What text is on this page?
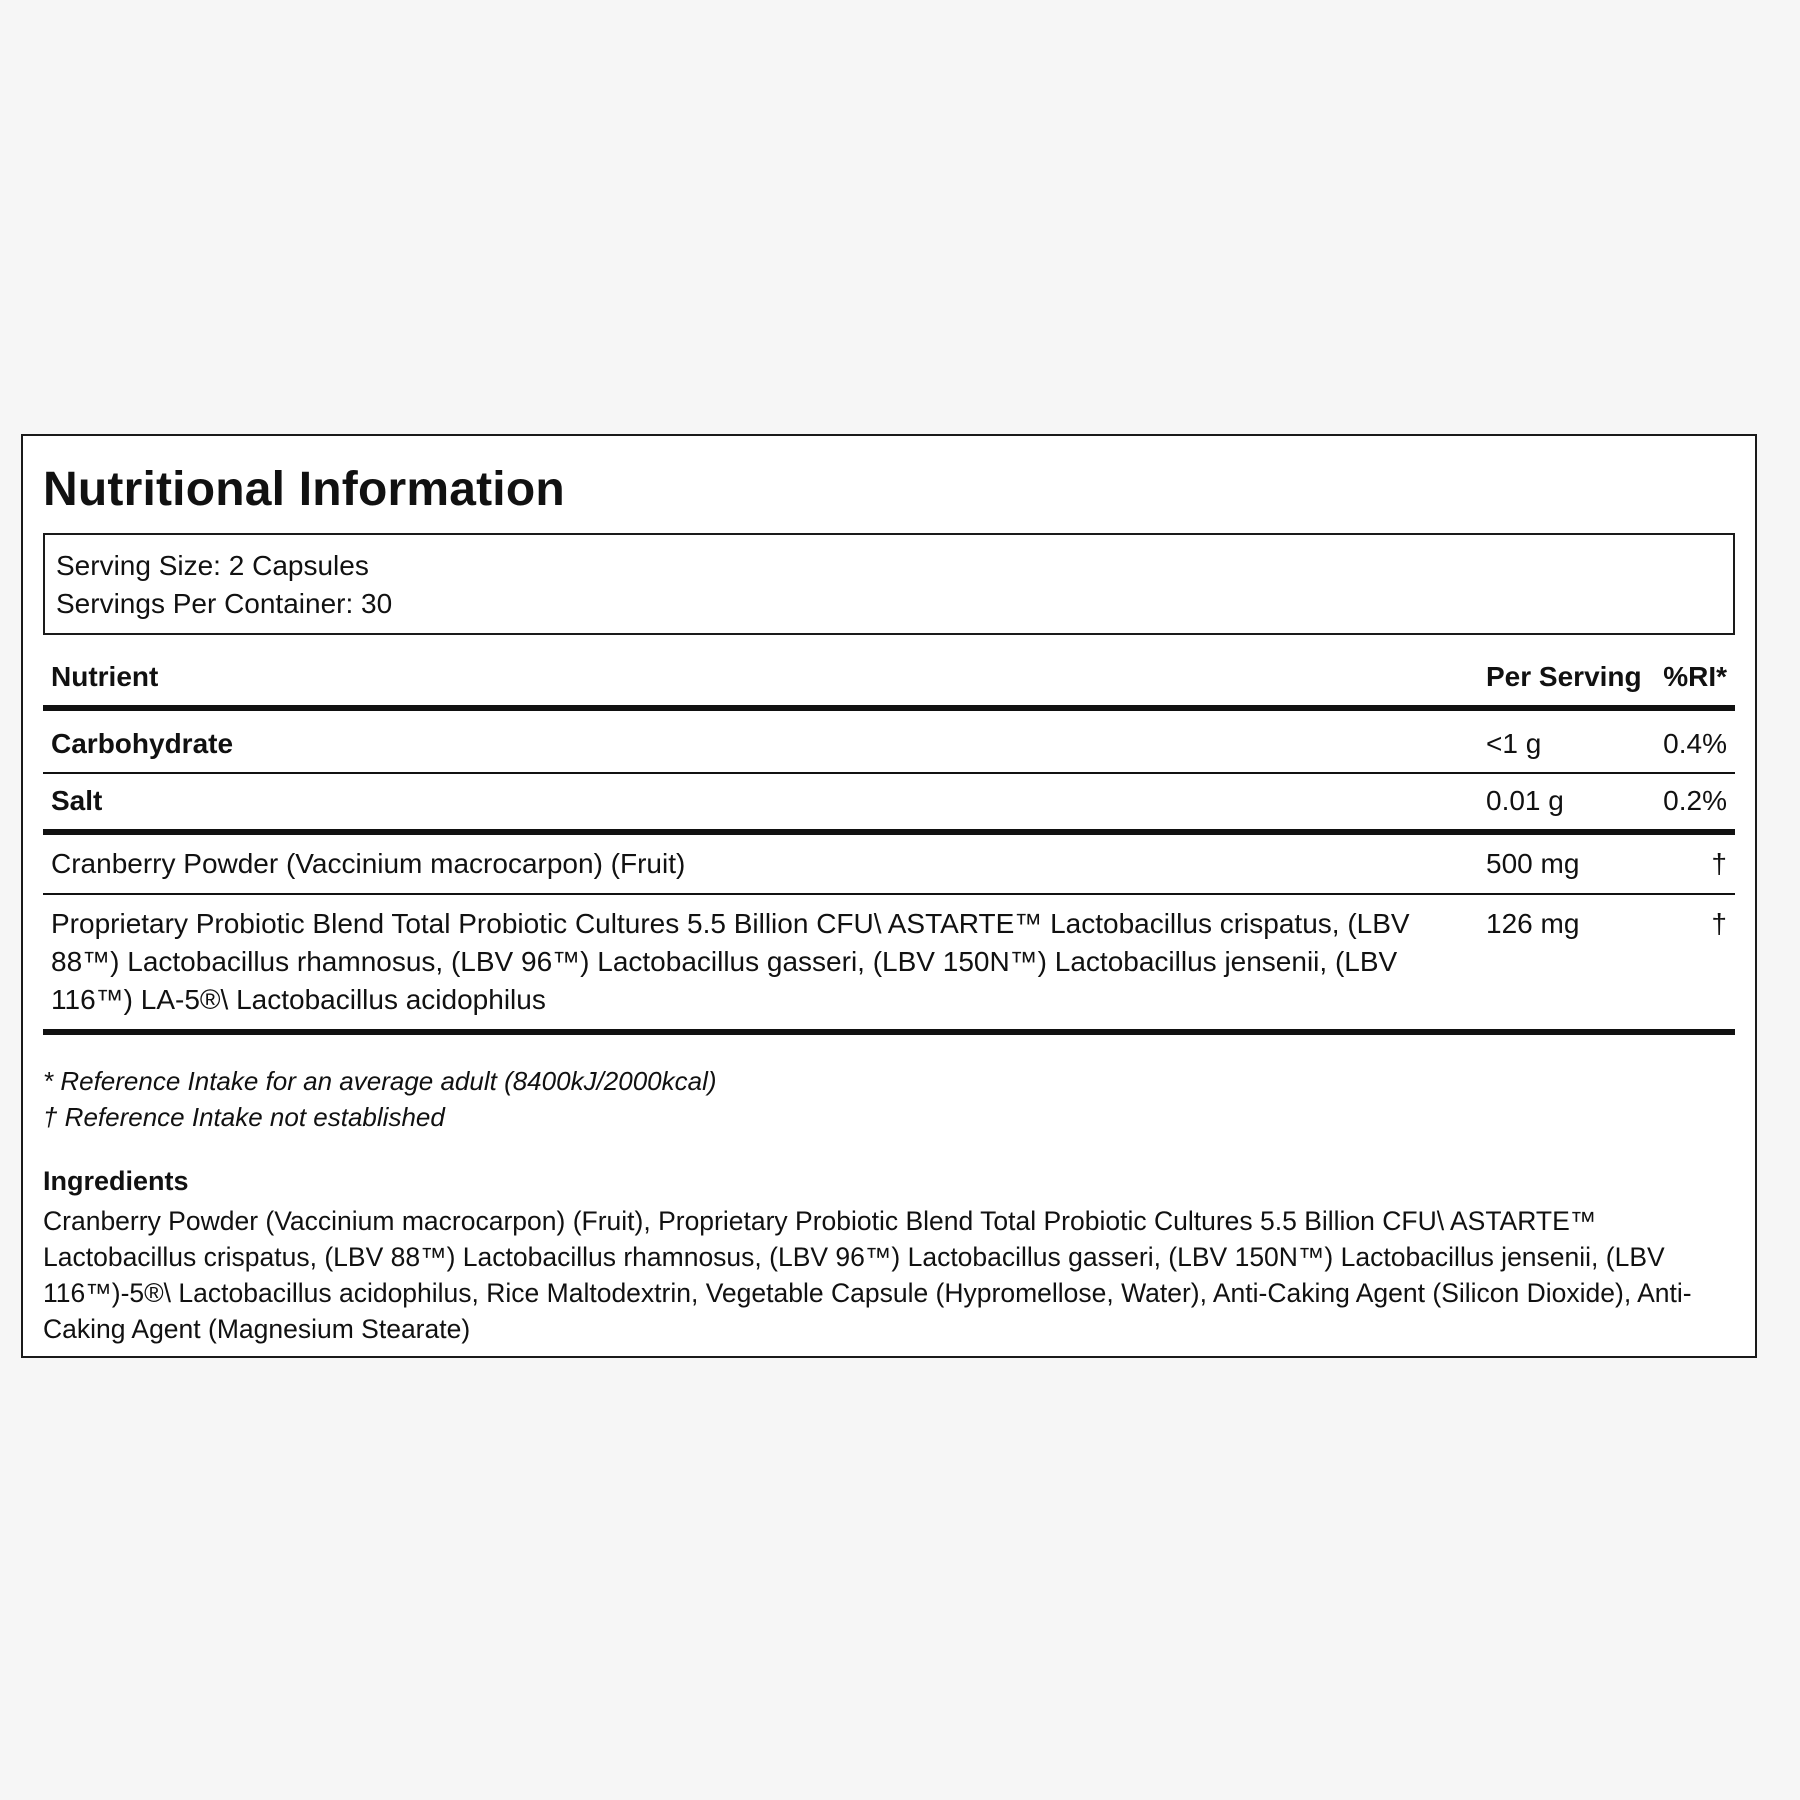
Nutritional Information
Serving Size: 2 Capsules
Servings Per Container: 30
Nutrient	Per Serving	%RI*
Carbohydrate	<1 g	0.4%
Salt	0.01 g	0.2%
Cranberry Powder (Vaccinium macrocarpon) (Fruit)	500 mg	†
Proprietary Probiotic Blend Total Probiotic Cultures 5.5 Billion CFU\ ASTARTE™ Lactobacillus crispatus, (LBV 88™) Lactobacillus rhamnosus, (LBV 96™) Lactobacillus gasseri, (LBV 150N™) Lactobacillus jensenii, (LBV 116™) LA-5®\ Lactobacillus acidophilus	126 mg	†
* Reference Intake for an average adult (8400kJ/2000kcal)
† Reference Intake not established
Ingredients
Cranberry Powder (Vaccinium macrocarpon) (Fruit), Proprietary Probiotic Blend Total Probiotic Cultures 5.5 Billion CFU\ ASTARTE™ Lactobacillus crispatus, (LBV 88™) Lactobacillus rhamnosus, (LBV 96™) Lactobacillus gasseri, (LBV 150N™) Lactobacillus jensenii, (LBV 116™)-5®\ Lactobacillus acidophilus, Rice Maltodextrin, Vegetable Capsule (Hypromellose, Water), Anti-Caking Agent (Silicon Dioxide), Anti-Caking Agent (Magnesium Stearate)
